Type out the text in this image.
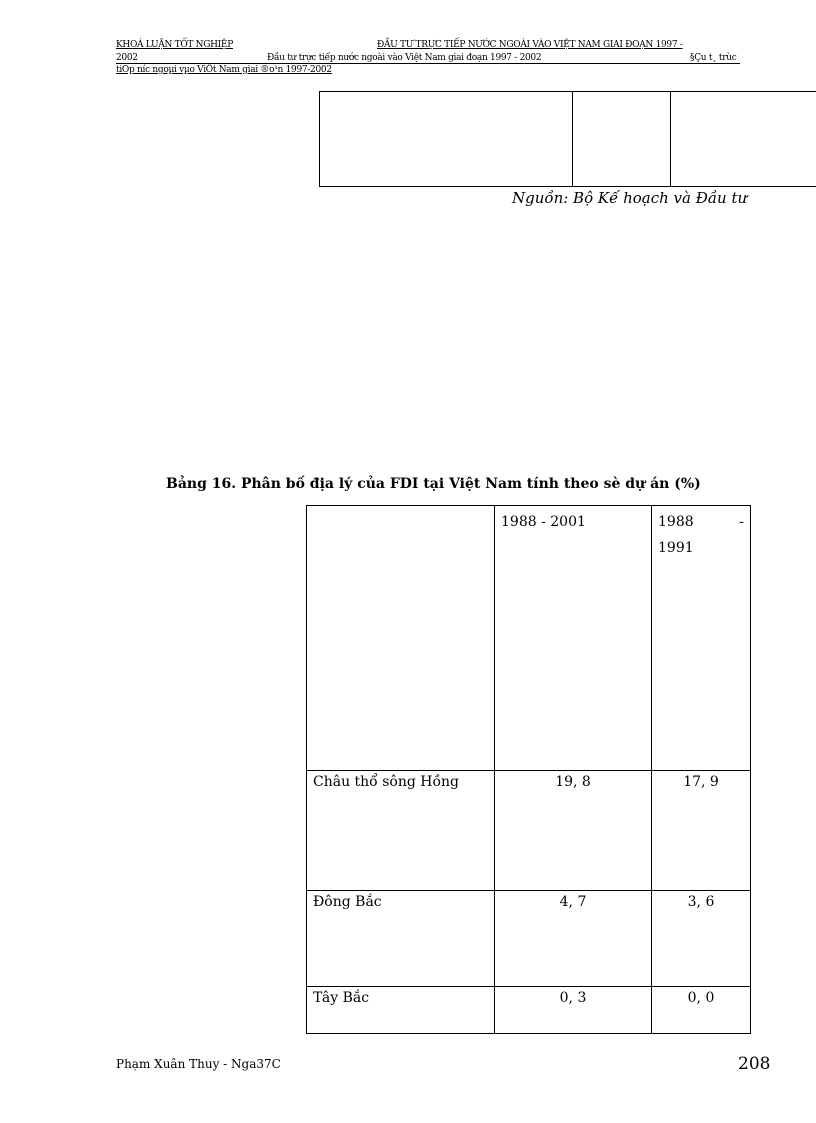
KHOÁ LUẬN TỐT NGHIỆP	ĐẦU TƯ TRỰC TIẾP NƯỚC NGOÀI VÀO VIỆT NAM GIAI ĐOẠN 1997 -
2002	Đầu tư trực tiếp nước ngoài vào Việt Nam giai đoạn 1997 - 2002	§Çu t¸ trùc
tiÕp níc ngoµi vµo ViÖt Nam giai ®o¹n 1997-2002
Nguồn: Bộ Kế hoạch và Đầu tư
Bảng 16. Phân bố địa lý của FDI tại Việt Nam tính theo sè dự án (%)

	1988 - 2001	1988 -
1991

Châu thổ sông Hồng	19, 8	17, 9
Đông Bắc	4, 7	3, 6
Tây Bắc	0, 3	0, 0
Phạm Xuân Thuy - Nga37C	208
